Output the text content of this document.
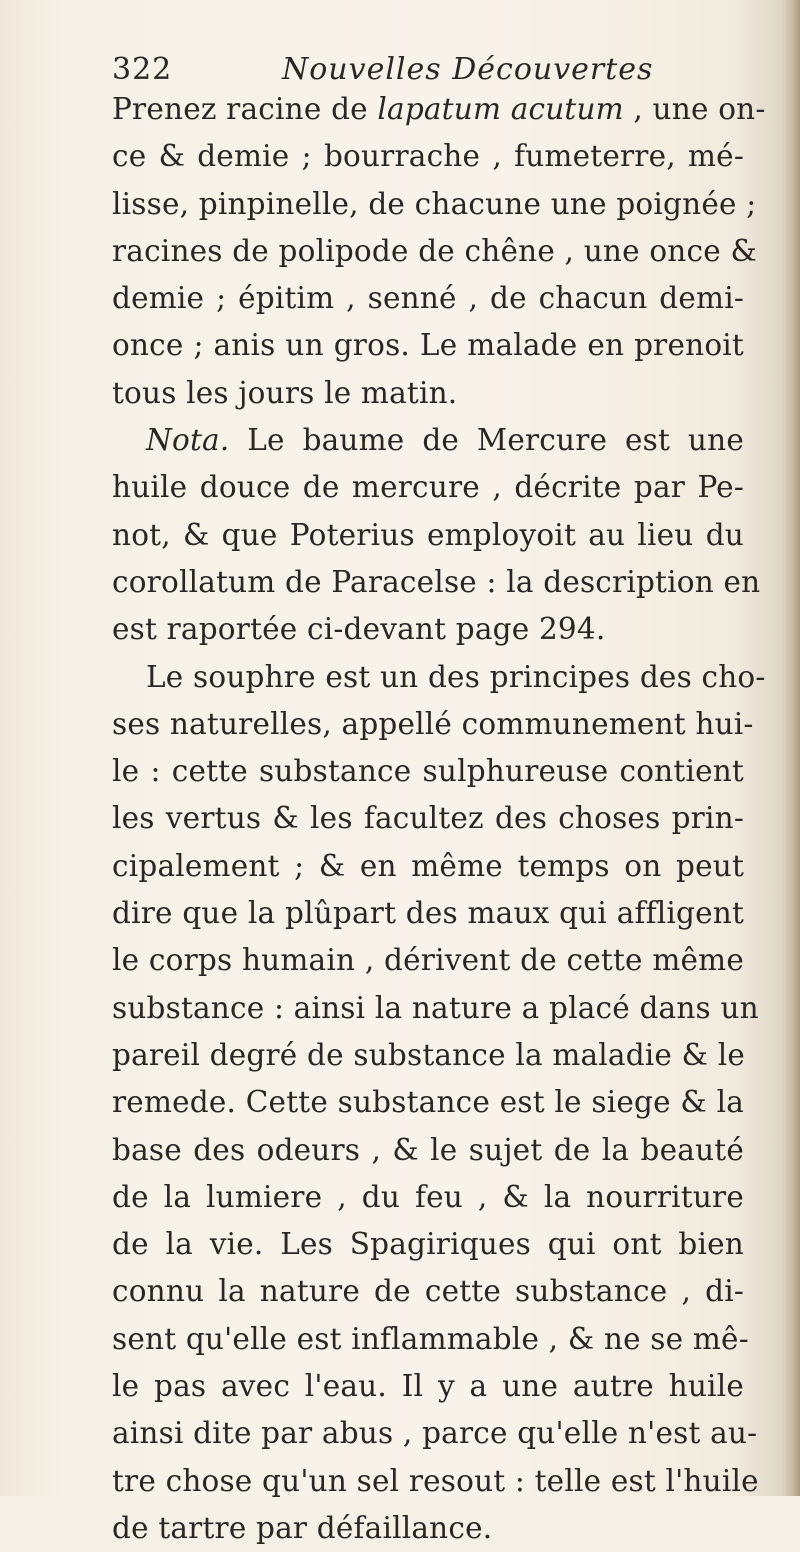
322	Nouvelles Découvertes
Prenez racine de lapatum acutum , une on-
ce & demie ; bourrache , fumeterre, mé-
lisse, pinpinelle, de chacune une poignée ;
racines de polipode de chêne , une once &
demie ; épitim , senné , de chacun demi-
once ; anis un gros. Le malade en prenoit
tous les jours le matin.
Nota. Le baume de Mercure est une
huile douce de mercure , décrite par Pe-
not, & que Poterius employoit au lieu du
corollatum de Paracelse : la description en
est raportée ci-devant page 294.
Le souphre est un des principes des cho-
ses naturelles, appellé communement hui-
le : cette substance sulphureuse contient
les vertus & les facultez des choses prin-
cipalement ; & en même temps on peut
dire que la plûpart des maux qui affligent
le corps humain , dérivent de cette même
substance : ainsi la nature a placé dans un
pareil degré de substance la maladie & le
remede. Cette substance est le siege & la
base des odeurs , & le sujet de la beauté
de la lumiere , du feu , & la nourriture
de la vie. Les Spagiriques qui ont bien
connu la nature de cette substance , di-
sent qu'elle est inflammable , & ne se mê-
le pas avec l'eau. Il y a une autre huile
ainsi dite par abus , parce qu'elle n'est au-
tre chose qu'un sel resout : telle est l'huile
de tartre par défaillance.
